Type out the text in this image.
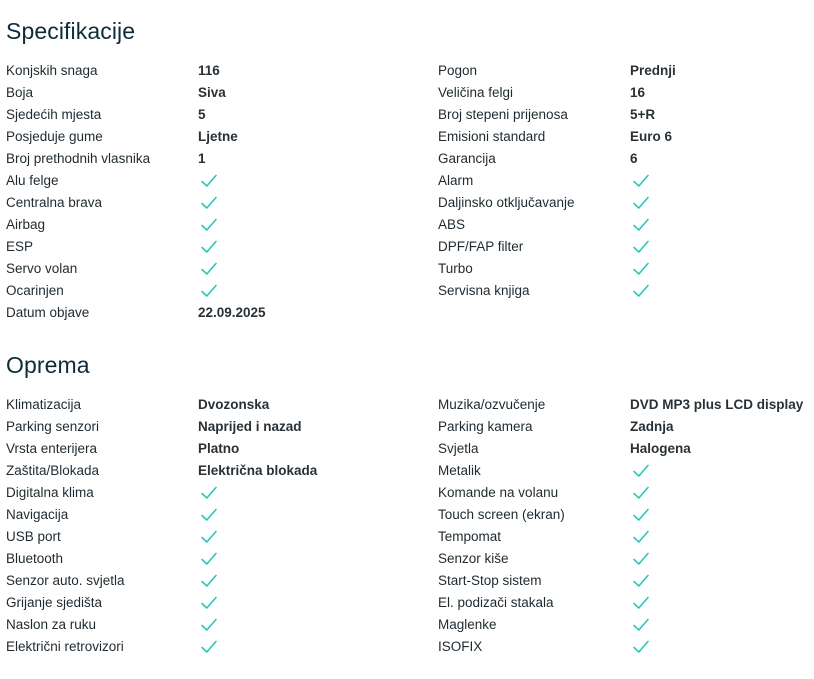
Specifikacije
Konjskih snaga	116
Boja	Siva
Sjedećih mjesta	5
Posjeduje gume	Ljetne
Broj prethodnih vlasnika	1
Alu felge
Centralna brava
Airbag
ESP
Servo volan
Ocarinjen
Datum objave	22.09.2025
Pogon	Prednji
Veličina felgi	16
Broj stepeni prijenosa	5+R
Emisioni standard	Euro 6
Garancija	6
Alarm
Daljinsko otključavanje
ABS
DPF/FAP filter
Turbo
Servisna knjiga
Oprema
Klimatizacija	Dvozonska
Parking senzori	Naprijed i nazad
Vrsta enterijera	Platno
Zaštita/Blokada	Električna blokada
Digitalna klima
Navigacija
USB port
Bluetooth
Senzor auto. svjetla
Grijanje sjedišta
Naslon za ruku
Električni retrovizori
Muzika/ozvučenje	DVD MP3 plus LCD display
Parking kamera	Zadnja
Svjetla	Halogena
Metalik
Komande na volanu
Touch screen (ekran)
Tempomat
Senzor kiše
Start-Stop sistem
El. podizači stakala
Maglenke
ISOFIX
